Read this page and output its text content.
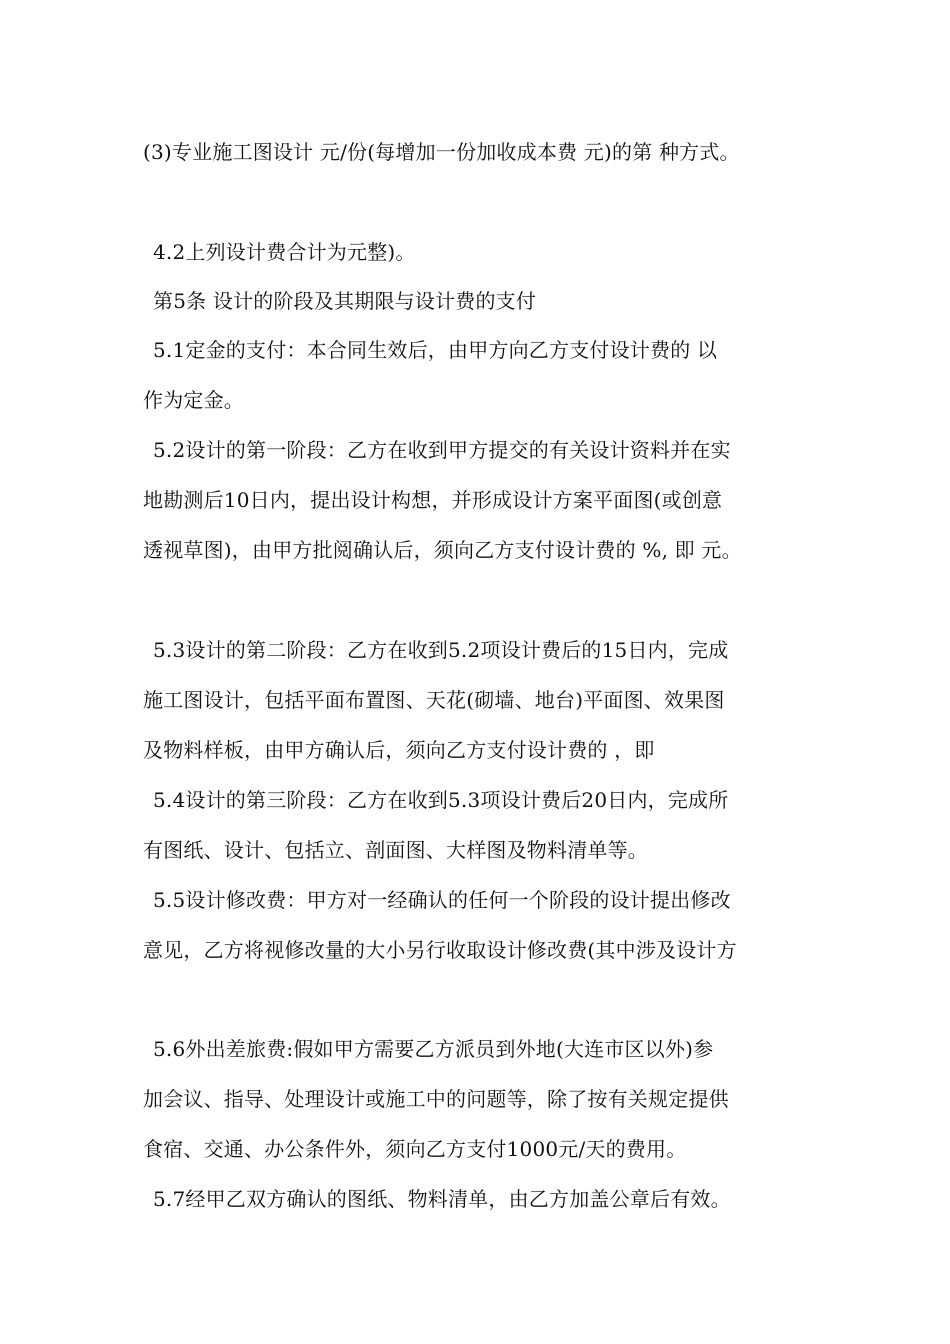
(3)专业施工图设计 元/份(每增加一份加收成本费 元)的第 种方式。
4.2上列设计费合计为元整)。
第5条 设计的阶段及其期限与设计费的支付
5.1定金的支付：本合同生效后，由甲方向乙方支付设计费的 以
作为定金。
5.2设计的第一阶段：乙方在收到甲方提交的有关设计资料并在实
地勘测后10日内，提出设计构想，并形成设计方案平面图(或创意
透视草图)，由甲方批阅确认后，须向乙方支付设计费的 %, 即 元。
5.3设计的第二阶段：乙方在收到5.2项设计费后的15日内，完成
施工图设计，包括平面布置图、天花(砌墙、地台)平面图、效果图
及物料样板，由甲方确认后，须向乙方支付设计费的 ，即
5.4设计的第三阶段：乙方在收到5.3项设计费后20日内，完成所
有图纸、设计、包括立、剖面图、大样图及物料清单等。
5.5设计修改费：甲方对一经确认的任何一个阶段的设计提出修改
意见，乙方将视修改量的大小另行收取设计修改费(其中涉及设计方
5.6外出差旅费:假如甲方需要乙方派员到外地(大连市区以外)参
加会议、指导、处理设计或施工中的问题等，除了按有关规定提供
食宿、交通、办公条件外，须向乙方支付1000元/天的费用。
5.7经甲乙双方确认的图纸、物料清单，由乙方加盖公章后有效。
